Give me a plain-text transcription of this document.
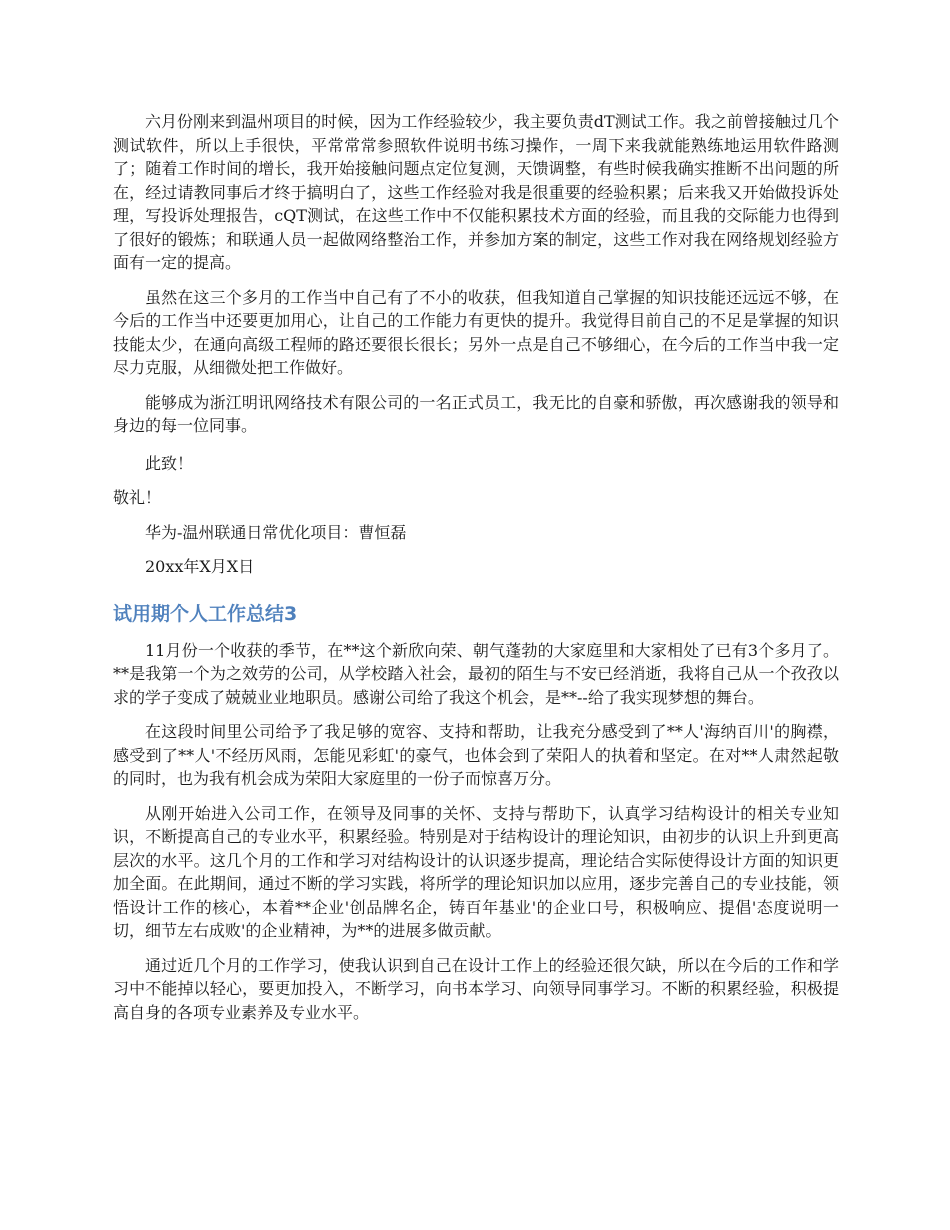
六月份刚来到温州项目的时候，因为工作经验较少，我主要负责dT测试工作。我之前曾接触过几个测试软件，所以上手很快，平常常常参照软件说明书练习操作，一周下来我就能熟练地运用软件路测了；随着工作时间的增长，我开始接触问题点定位复测，天馈调整，有些时候我确实推断不出问题的所在，经过请教同事后才终于搞明白了，这些工作经验对我是很重要的经验积累；后来我又开始做投诉处理，写投诉处理报告，cQT测试，在这些工作中不仅能积累技术方面的经验，而且我的交际能力也得到了很好的锻炼；和联通人员一起做网络整治工作，并参加方案的制定，这些工作对我在网络规划经验方面有一定的提高。

虽然在这三个多月的工作当中自己有了不小的收获，但我知道自己掌握的知识技能还远远不够，在今后的工作当中还要更加用心，让自己的工作能力有更快的提升。我觉得目前自己的不足是掌握的知识技能太少，在通向高级工程师的路还要很长很长；另外一点是自己不够细心，在今后的工作当中我一定尽力克服，从细微处把工作做好。

能够成为浙江明讯网络技术有限公司的一名正式员工，我无比的自豪和骄傲，再次感谢我的领导和身边的每一位同事。

此致！

敬礼！

华为-温州联通日常优化项目：曹恒磊

20xx年X月X日

试用期个人工作总结3

11月份一个收获的季节，在**这个新欣向荣、朝气蓬勃的大家庭里和大家相处了已有3个多月了。**是我第一个为之效劳的公司，从学校踏入社会，最初的陌生与不安已经消逝，我将自己从一个孜孜以求的学子变成了兢兢业业地职员。感谢公司给了我这个机会，是**--给了我实现梦想的舞台。

在这段时间里公司给予了我足够的宽容、支持和帮助，让我充分感受到了**人'海纳百川'的胸襟，感受到了**人'不经历风雨，怎能见彩虹'的豪气，也体会到了荣阳人的执着和坚定。在对**人肃然起敬的同时，也为我有机会成为荣阳大家庭里的一份子而惊喜万分。

从刚开始进入公司工作，在领导及同事的关怀、支持与帮助下，认真学习结构设计的相关专业知识，不断提高自己的专业水平，积累经验。特别是对于结构设计的理论知识，由初步的认识上升到更高层次的水平。这几个月的工作和学习对结构设计的认识逐步提高，理论结合实际使得设计方面的知识更加全面。在此期间，通过不断的学习实践，将所学的理论知识加以应用，逐步完善自己的专业技能，领悟设计工作的核心，本着**企业'创品牌名企，铸百年基业'的企业口号，积极响应、提倡'态度说明一切，细节左右成败'的企业精神，为**的进展多做贡献。

通过近几个月的工作学习，使我认识到自己在设计工作上的经验还很欠缺，所以在今后的工作和学习中不能掉以轻心，要更加投入，不断学习，向书本学习、向领导同事学习。不断的积累经验，积极提高自身的各项专业素养及专业水平。
